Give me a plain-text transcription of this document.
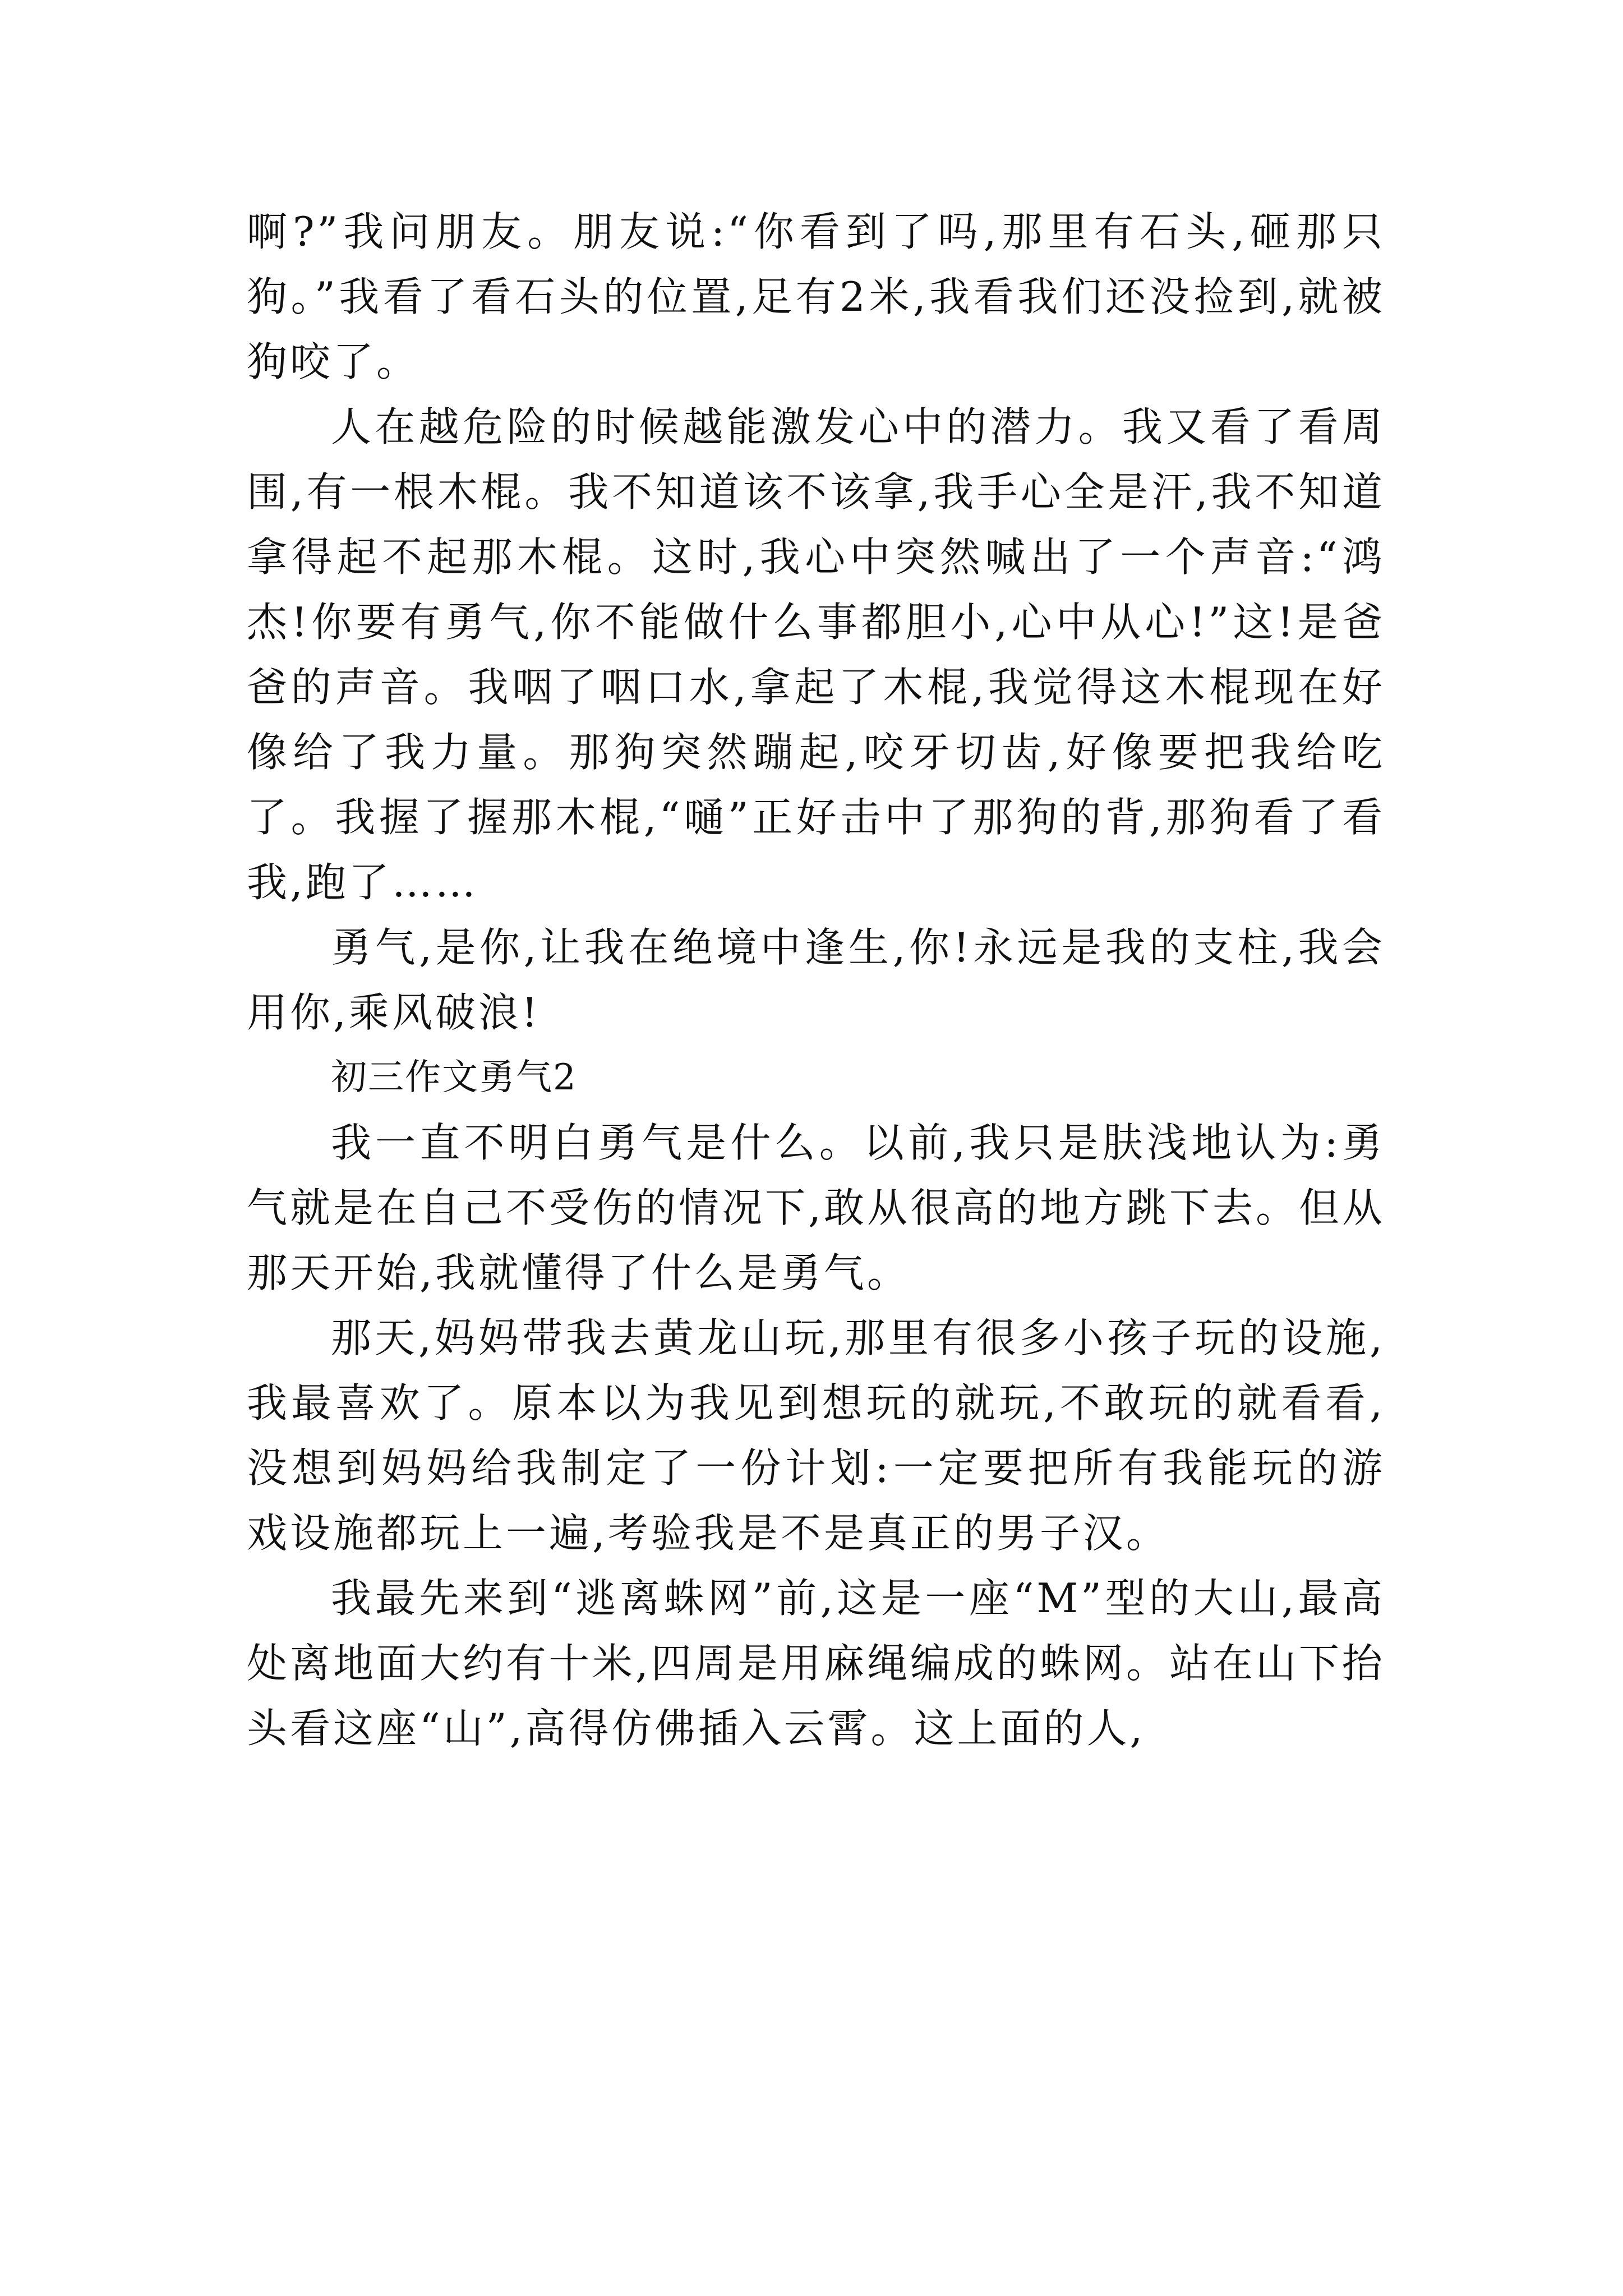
啊?”我问朋友。朋友说:“你看到了吗,那里有石头,砸那只狗。”我看了看石头的位置,足有2米,我看我们还没捡到,就被狗咬了。

人在越危险的时候越能激发心中的潜力。我又看了看周围,有一根木棍。我不知道该不该拿,我手心全是汗,我不知道拿得起不起那木棍。这时,我心中突然喊出了一个声音:“鸿杰!你要有勇气,你不能做什么事都胆小,心中从心!”这!是爸爸的声音。我咽了咽口水,拿起了木棍,我觉得这木棍现在好像给了我力量。那狗突然蹦起,咬牙切齿,好像要把我给吃了。我握了握那木棍,“嗵”正好击中了那狗的背,那狗看了看我,跑了……

勇气,是你,让我在绝境中逢生,你!永远是我的支柱,我会用你,乘风破浪!

初三作文勇气2

我一直不明白勇气是什么。以前,我只是肤浅地认为:勇气就是在自己不受伤的情况下,敢从很高的地方跳下去。但从那天开始,我就懂得了什么是勇气。

那天,妈妈带我去黄龙山玩,那里有很多小孩子玩的设施,我最喜欢了。原本以为我见到想玩的就玩,不敢玩的就看看,没想到妈妈给我制定了一份计划:一定要把所有我能玩的游戏设施都玩上一遍,考验我是不是真正的男子汉。

我最先来到“逃离蛛网”前,这是一座“M”型的大山,最高处离地面大约有十米,四周是用麻绳编成的蛛网。站在山下抬头看这座“山”,高得仿佛插入云霄。这上面的人,
